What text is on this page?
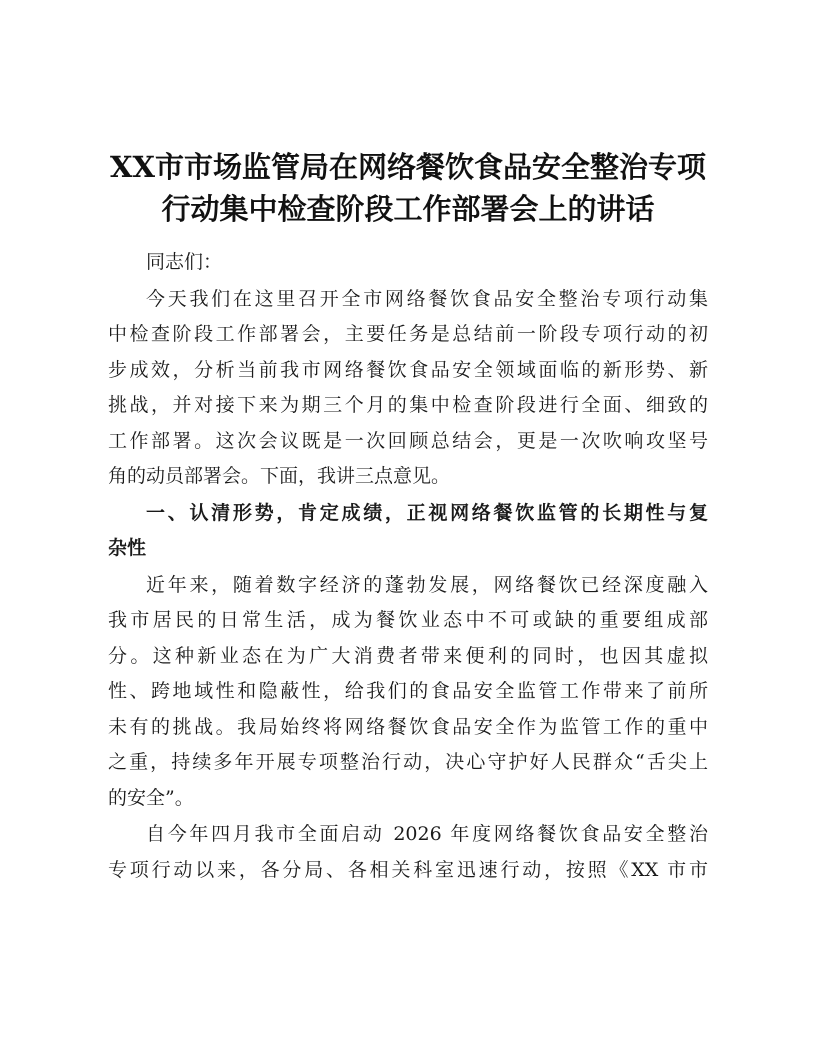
XX市市场监管局在网络餐饮食品安全整治专项
行动集中检查阶段工作部署会上的讲话

同志们：

今天我们在这里召开全市网络餐饮食品安全整治专项行动集
中检查阶段工作部署会，主要任务是总结前一阶段专项行动的初
步成效，分析当前我市网络餐饮食品安全领域面临的新形势、新
挑战，并对接下来为期三个月的集中检查阶段进行全面、细致的
工作部署。这次会议既是一次回顾总结会，更是一次吹响攻坚号
角的动员部署会。下面，我讲三点意见。

一、认清形势，肯定成绩，正视网络餐饮监管的长期性与复
杂性

近年来，随着数字经济的蓬勃发展，网络餐饮已经深度融入
我市居民的日常生活，成为餐饮业态中不可或缺的重要组成部
分。这种新业态在为广大消费者带来便利的同时，也因其虚拟
性、跨地域性和隐蔽性，给我们的食品安全监管工作带来了前所
未有的挑战。我局始终将网络餐饮食品安全作为监管工作的重中
之重，持续多年开展专项整治行动，决心守护好人民群众“舌尖上
的安全”。

自今年四月我市全面启动 2026 年度网络餐饮食品安全整治
专项行动以来，各分局、各相关科室迅速行动，按照《XX 市市
